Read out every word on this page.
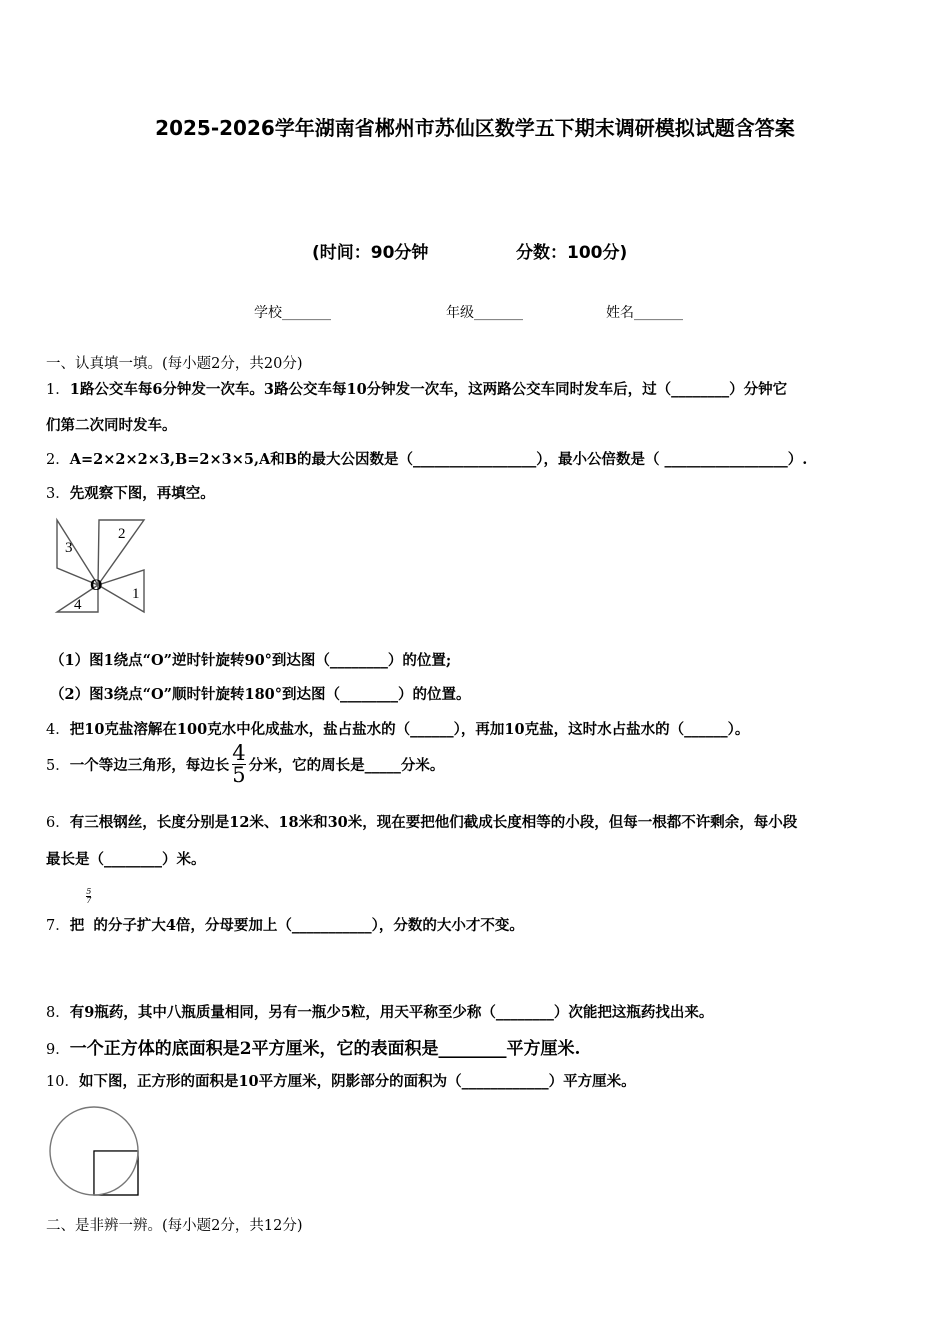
2025-2026学年湖南省郴州市苏仙区数学五下期末调研模拟试题含答案
(时间：90分钟	分数：100分)
学校_______	年级_______	姓名_______
一、认真填一填。(每小题2分，共20分)
1．1路公交车每6分钟发一次车。3路公交车每10分钟发一次车，这两路公交车同时发车后，过（________）分钟它
们第二次同时发车。
2．A=2×2×2×3,B=2×3×5,A和B的最大公因数是（_________________），最小公倍数是（ _________________）.
3．先观察下图，再填空。
3
2
1
4
O
（1）图1绕点“O”逆时针旋转90°到达图（________）的位置;
（2）图3绕点“O”顺时针旋转180°到达图（________）的位置。
4．把10克盐溶解在100克水中化成盐水，盐占盐水的（______），再加10克盐，这时水占盐水的（______）。
5．一个等边三角形，每边长 $\frac{4}{5}$ 分米，它的周长是_____分米。
6．有三根钢丝，长度分别是12米、18米和30米，现在要把他们截成长度相等的小段，但每一根都不许剩余，每小段
最长是（________）米。
7．把
$\frac{5}{7}$
的分子扩大4倍，分母要加上（___________），分数的大小才不变。
8．有9瓶药，其中八瓶质量相同，另有一瓶少5粒，用天平称至少称（________）次能把这瓶药找出来。
9．一个正方体的底面积是2平方厘米，它的表面积是________平方厘米.
10．如下图，正方形的面积是10平方厘米，阴影部分的面积为（____________）平方厘米。
二、是非辨一辨。(每小题2分，共12分)
